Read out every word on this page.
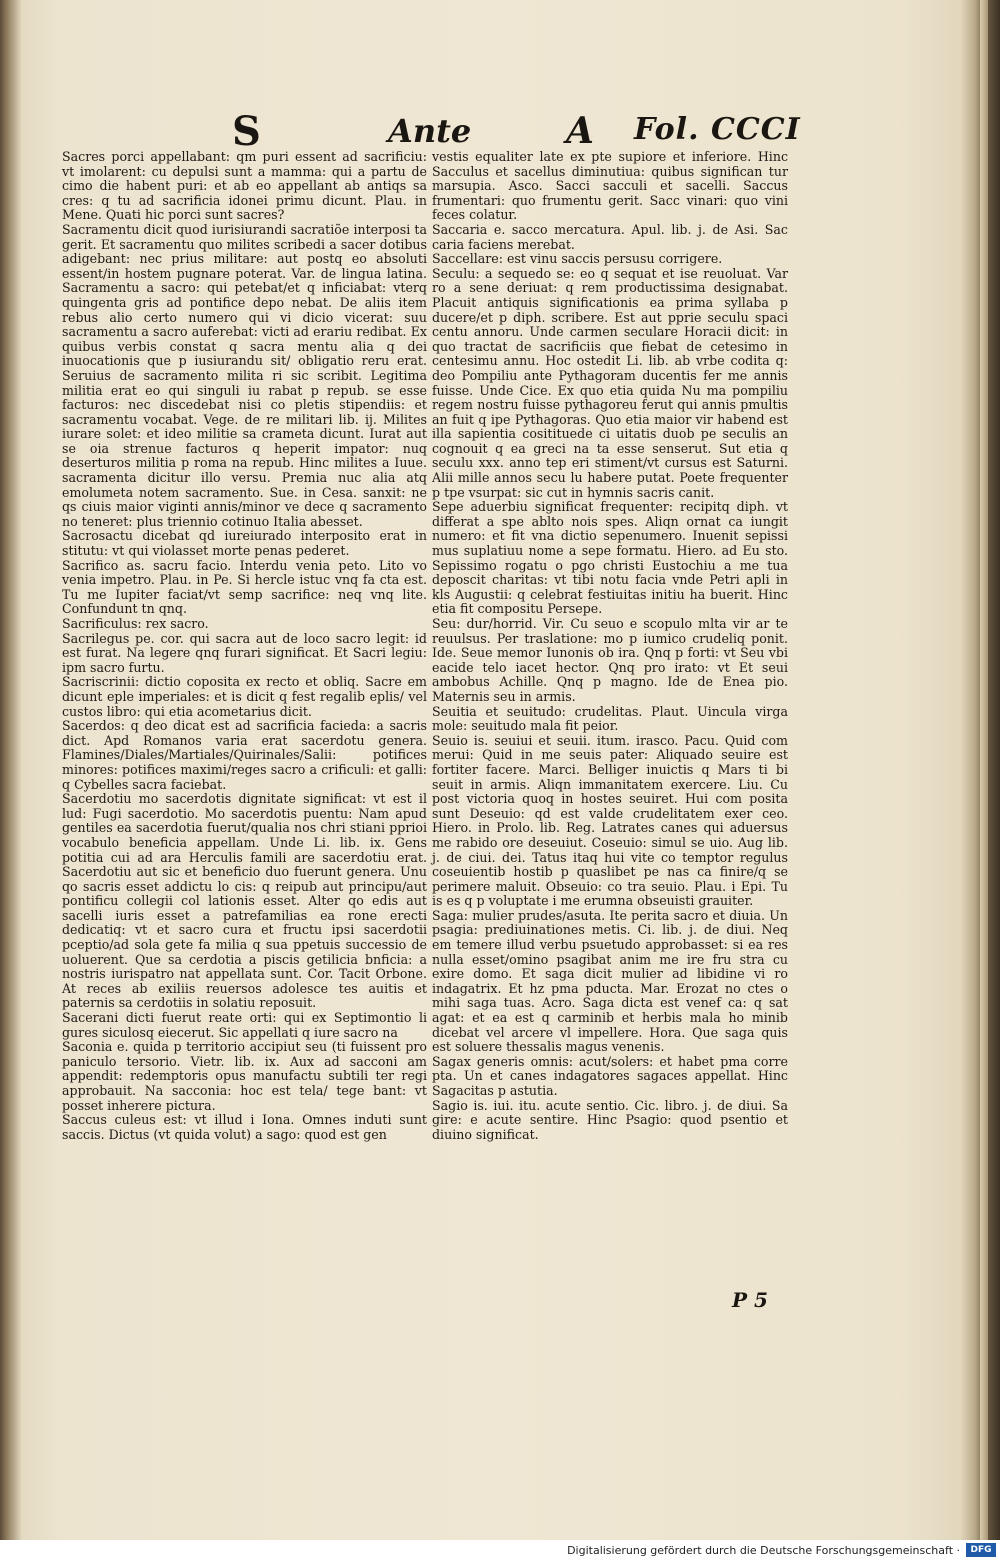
S	Ante	A Fol. CCCI

Sacres porci appellabant: qm puri essent ad sacrificiu: vt imolarent: cu depulsi sunt a mamma: qui a partu de cimo die habent puri: et ab eo appellant ab antiqs sa cres: q tu ad sacrificia idonei primu dicunt. Plau. in Mene. Quati hic porci sunt sacres?

Sacramentu dicit quod iurisiurandi sacratiõe interposi ta gerit. Et sacramentu quo milites scribedi a sacer dotibus adigebant: nec prius militare: aut postq eo absoluti essent/in hostem pugnare poterat. Var. de lingua latina. Sacramentu a sacro: qui petebat/et q inficiabat: vterq quingenta gris ad pontifice depo nebat. De aliis item rebus alio certo numero qui vi dicio vicerat: suu sacramentu a sacro auferebat: victi ad erariu redibat. Ex quibus verbis constat q sacra mentu alia q dei inuocationis que p iusiurandu sit/ obligatio reru erat. Seruius de sacramento milita ri sic scribit. Legitima militia erat eo qui singuli iu rabat p repub. se esse facturos: nec discedebat nisi co pletis stipendiis: et sacramentu vocabat. Vege. de re militari lib. ij. Milites iurare solet: et ideo militie sa crameta dicunt. Iurat aut se oia strenue facturos q heperit impator: nuq deserturos militia p roma na repub. Hinc milites a Iuue. sacramenta dicitur illo versu. Premia nuc alia atq emolumeta notem sacramento. Sue. in Cesa. sanxit: ne qs ciuis maior viginti annis/minor ve dece q sacramento no teneret: plus triennio cotinuo Italia abesset.

Sacrosactu dicebat qd iureiurado interposito erat in stitutu: vt qui violasset morte penas pederet.

Sacrifico as. sacru facio. Interdu venia peto. Lito vo venia impetro. Plau. in Pe. Si hercle istuc vnq fa cta est. Tu me Iupiter faciat/vt semp sacrifice: neq vnq lite. Confundunt tn qnq.

Sacrificulus: rex sacro.

Sacrilegus pe. cor. qui sacra aut de loco sacro legit: id est furat. Na legere qnq furari significat. Et Sacri legiu: ipm sacro furtu.

Sacriscrinii: dictio coposita ex recto et obliq. Sacre em dicunt eple imperiales: et is dicit q fest regalib eplis/ vel custos libro: qui etia acometarius dicit.

Sacerdos: q deo dicat est ad sacrificia facieda: a sacris dict. Apd Romanos varia erat sacerdotu genera. Flamines/Diales/Martiales/Quirinales/Salii: potifices minores: potifices maximi/reges sacro a crificuli: et galli: q Cybelles sacra faciebat.

Sacerdotiu mo sacerdotis dignitate significat: vt est il lud: Fugi sacerdotio. Mo sacerdotis puentu: Nam apud gentiles ea sacerdotia fuerut/qualia nos chri stiani pprioi vocabulo beneficia appellam. Unde Li. lib. ix. Gens potitia cui ad ara Herculis famili are sacerdotiu erat. Sacerdotiu aut sic et beneficio duo fuerunt genera. Unu qo sacris esset addictu lo cis: q reipub aut principu/aut pontificu collegii col lationis esset. Alter qo edis aut sacelli iuris esset a patrefamilias ea rone erecti dedicatiq: vt et sacro cura et fructu ipsi sacerdotii pceptio/ad sola gete fa milia q sua ppetuis successio de uoluerent. Que sa cerdotia a piscis getilicia bnficia: a nostris iurispatro nat appellata sunt. Cor. Tacit Orbone. At reces ab exiliis reuersos adolesce tes auitis et paternis sa cerdotiis in solatiu reposuit.

Sacerani dicti fuerut reate orti: qui ex Septimontio li gures siculosq eiecerut. Sic appellati q iure sacro na

Saconia e. quida p territorio accipiut seu (ti fuissent pro paniculo tersorio. Vietr. lib. ix. Aux ad sacconi am appendit: redemptoris opus manufactu subtili ter regi approbauit. Na sacconia: hoc est tela/ tege bant: vt posset inherere pictura.

Saccus culeus est: vt illud i Iona. Omnes induti sunt saccis. Dictus (vt quida volut) a sago: quod est gen

vestis equaliter late ex pte supiore et inferiore. Hinc Sacculus et sacellus diminutiua: quibus significan tur marsupia. Asco. Sacci sacculi et sacelli. Saccus frumentari: quo frumentu gerit. Sacc vinari: quo vini feces colatur.

Saccaria e. sacco mercatura. Apul. lib. j. de Asi. Sac caria faciens merebat.

Saccellare: est vinu saccis persusu corrigere.

Seculu: a sequedo se: eo q sequat et ise reuoluat. Var ro a sene deriuat: q rem productissima designabat. Placuit antiquis significationis ea prima syllaba p ducere/et p diph. scribere. Est aut pprie seculu spaci centu annoru. Unde carmen seculare Horacii dicit: in quo tractat de sacrificiis que fiebat de cetesimo in centesimu annu. Hoc ostedit Li. lib. ab vrbe codita q: deo Pompiliu ante Pythagoram ducentis fer me annis fuisse. Unde Cice. Ex quo etia quida Nu ma pompiliu regem nostru fuisse pythagoreu ferut qui annis pmultis an fuit q ipe Pythagoras. Quo etia maior vir habend est illa sapientia cositituede ci uitatis duob pe seculis an cognouit q ea greci na ta esse senserut. Sut etia q seculu xxx. anno tep eri stiment/vt cursus est Saturni. Alii mille annos secu lu habere putat. Poete frequenter p tpe vsurpat: sic cut in hymnis sacris canit.

Sepe aduerbiu significat frequenter: recipitq diph. vt differat a spe ablto nois spes. Aliqn ornat ca iungit numero: et fit vna dictio sepenumero. Inuenit sepissi mus suplatiuu nome a sepe formatu. Hiero. ad Eu sto. Sepissimo rogatu o pgo christi Eustochiu a me tua deposcit charitas: vt tibi notu facia vnde Petri apli in kls Augustii: q celebrat festiuitas initiu ha buerit. Hinc etia fit compositu Persepe.

Seu: dur/horrid. Vir. Cu seuo e scopulo mlta vir ar te reuulsus. Per traslatione: mo p iumico crudeliq ponit. Ide. Seue memor Iunonis ob ira. Qnq p forti: vt Seu vbi eacide telo iacet hector. Qnq pro irato: vt Et seui ambobus Achille. Qnq p magno. Ide de Enea pio. Maternis seu in armis.

Seuitia et seuitudo: crudelitas. Plaut. Uincula virga mole: seuitudo mala fit peior.

Seuio is. seuiui et seuii. itum. irasco. Pacu. Quid com merui: Quid in me seuis pater: Aliquado seuire est fortiter facere. Marci. Belliger inuictis q Mars ti bi seuit in armis. Aliqn immanitatem exercere. Liu. Cu post victoria quoq in hostes seuiret. Hui com posita sunt Deseuio: qd est valde crudelitatem exer ceo. Hiero. in Prolo. lib. Reg. Latrates canes qui aduersus me rabido ore deseuiut. Coseuio: simul se uio. Aug lib. j. de ciui. dei. Tatus itaq hui vite co temptor regulus coseuientib hostib p quaslibet pe nas ca finire/q se perimere maluit. Obseuio: co tra seuio. Plau. i Epi. Tu is es q p voluptate i me erumna obseuisti grauiter.

Saga: mulier prudes/asuta. Ite perita sacro et diuia. Un psagia: prediuinationes metis. Ci. lib. j. de diui. Neq em temere illud verbu psuetudo approbasset: si ea res nulla esset/omino psagibat anim me ire fru stra cu exire domo. Et saga dicit mulier ad libidine vi ro indagatrix. Et hz pma pducta. Mar. Erozat no ctes o mihi saga tuas. Acro. Saga dicta est venef ca: q sat agat: et ea est q carminib et herbis mala ho minib dicebat vel arcere vl impellere. Hora. Que saga quis est soluere thessalis magus venenis.

Sagax generis omnis: acut/solers: et habet pma corre pta. Un et canes indagatores sagaces appellat. Hinc Sagacitas p astutia.

Sagio is. iui. itu. acute sentio. Cic. libro. j. de diui. Sa gire: e acute sentire. Hinc Psagio: quod psentio et diuino significat.

P 5
Digitalisierung gefördert durch die Deutsche Forschungsgemeinschaft ·	DFG
